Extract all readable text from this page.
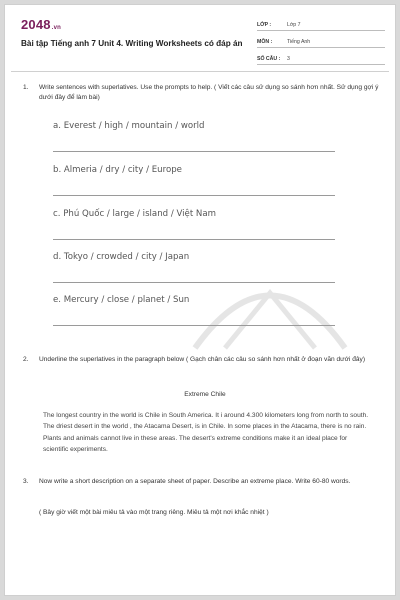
2048.vn
Bài tập Tiếng anh 7 Unit 4. Writing Worksheets có đáp án
LỚP :	Lớp 7
MÔN :	Tiếng Anh
SỐ CÂU :	3
1. Write sentences with superlatives. Use the prompts to help. ( Viết các câu sử dụng so sánh hơn nhất. Sử dụng gợi ý dưới đây để làm bài)
a. Everest / high / mountain / world
b. Almeria / dry / city / Europe
c. Phú Quốc / large / island / Việt Nam
d. Tokyo / crowded / city / Japan
e. Mercury / close / planet / Sun
2. Underline the superlatives in the paragraph below ( Gạch chân các câu so sánh hơn nhất ở đoạn văn dưới đây)
Extreme Chile
The longest country in the world is Chile in South America. It i around 4.300 kilometers long from north to south. The driest desert in the world , the Atacama Desert, is in Chile. In some places in the Atacama, there is no rain. Plants and animals cannot live in these areas. The desert's extreme conditions make it an ideal place for scientific experiments.
3. Now write a short description on a separate sheet of paper. Describe an extreme place. Write 60-80 words.
( Bây giờ viết một bài miêu tả vào một trang riêng. Miêu tả một nơi khắc nhiệt )
